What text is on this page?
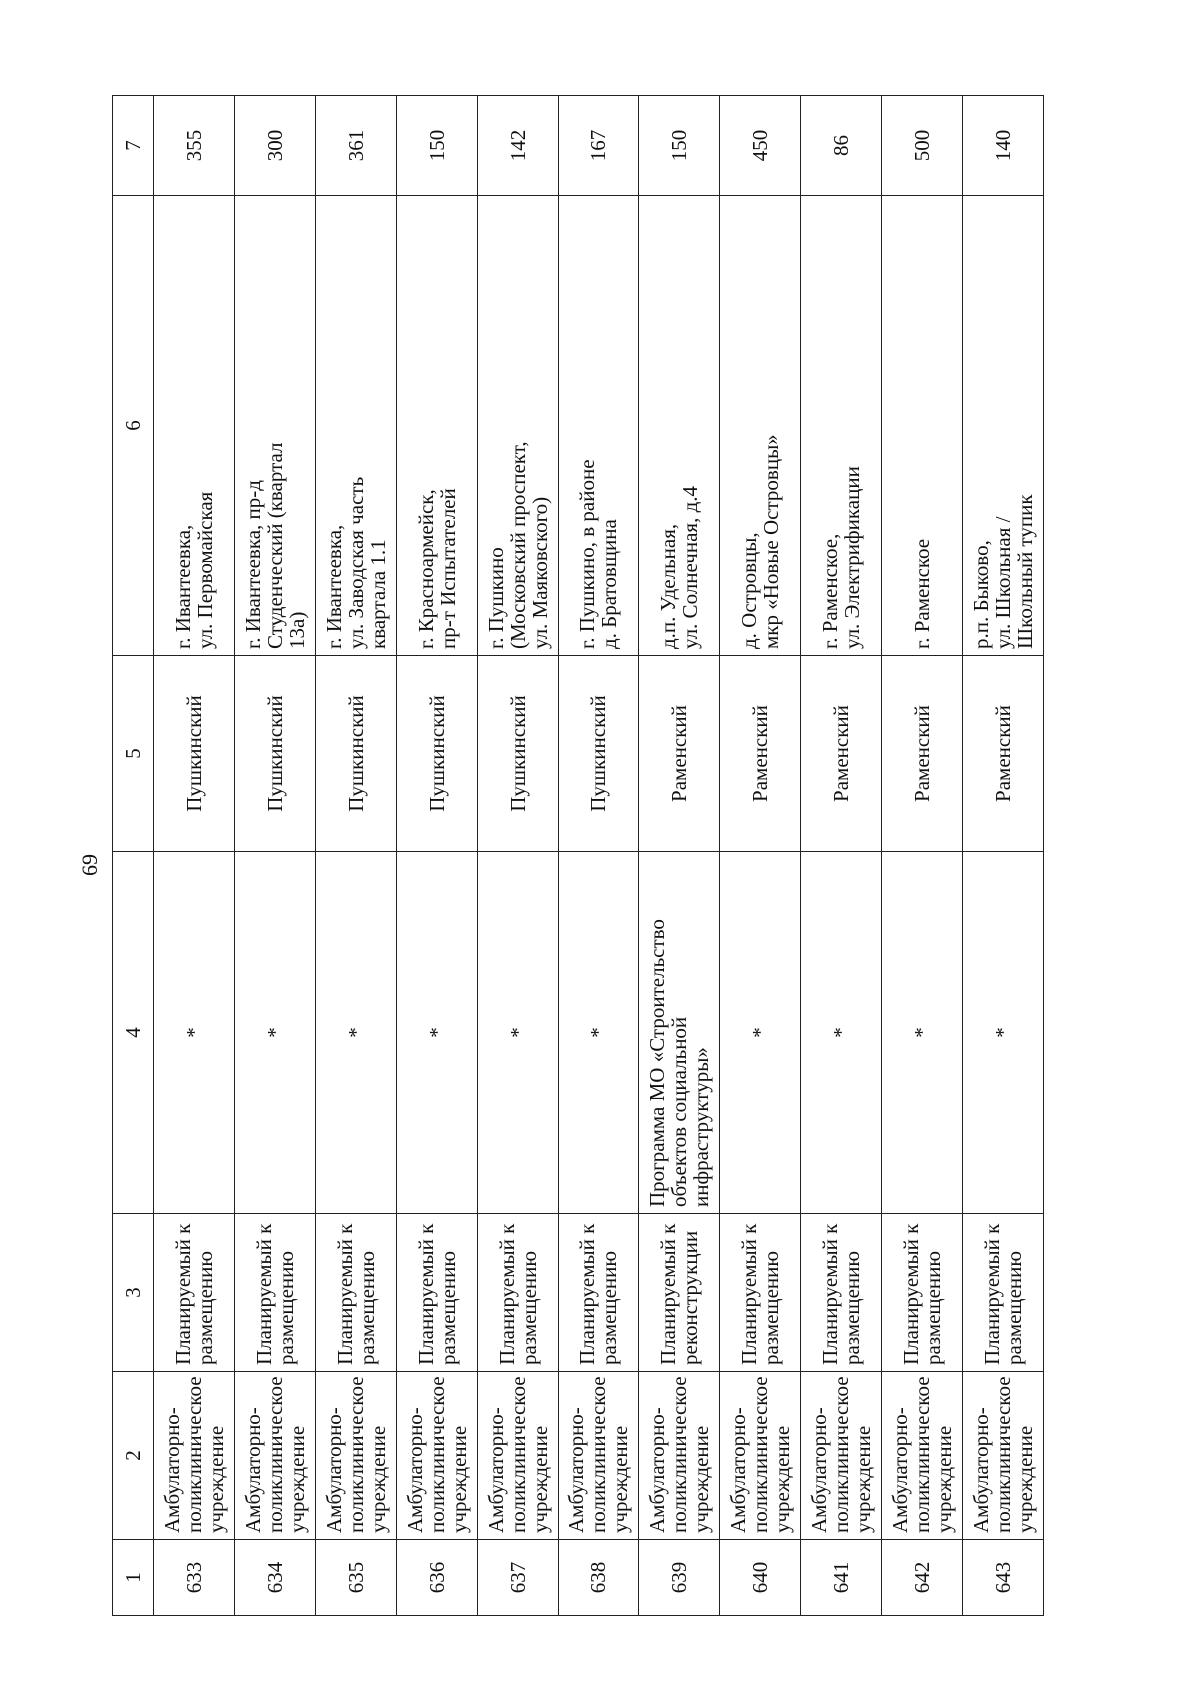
69
1	2	3	4	5	6	7
633	Амбулаторно-
поликлиническое
учреждение	Планируемый к
размещению	*	Пушкинский	г. Ивантеевка,
ул. Первомайская	355
634	Амбулаторно-
поликлиническое
учреждение	Планируемый к
размещению	*	Пушкинский	г. Ивантеевка, пр-д
Студенческий (квартал
13а)	300
635	Амбулаторно-
поликлиническое
учреждение	Планируемый к
размещению	*	Пушкинский	г. Ивантеевка,
ул. Заводская часть
квартала 1.1	361
636	Амбулаторно-
поликлиническое
учреждение	Планируемый к
размещению	*	Пушкинский	г. Красноармейск,
пр-т Испытателей	150
637	Амбулаторно-
поликлиническое
учреждение	Планируемый к
размещению	*	Пушкинский	г. Пушкино
(Московский проспект,
ул. Маяковского)	142
638	Амбулаторно-
поликлиническое
учреждение	Планируемый к
размещению	*	Пушкинский	г. Пушкино, в районе
д. Братовщина	167
639	Амбулаторно-
поликлиническое
учреждение	Планируемый к
реконструкции	Программа МО «Строительство
объектов социальной
инфраструктуры»	Раменский	д.п. Удельная,
ул. Солнечная, д.4	150
640	Амбулаторно-
поликлиническое
учреждение	Планируемый к
размещению	*	Раменский	д. Островцы,
мкр «Новые Островцы»	450
641	Амбулаторно-
поликлиническое
учреждение	Планируемый к
размещению	*	Раменский	г. Раменское,
ул. Электрификации	86
642	Амбулаторно-
поликлиническое
учреждение	Планируемый к
размещению	*	Раменский	г. Раменское	500
643	Амбулаторно-
поликлиническое
учреждение	Планируемый к
размещению	*	Раменский	р.п. Быково,
ул. Школьная /
Школьный тупик	140
